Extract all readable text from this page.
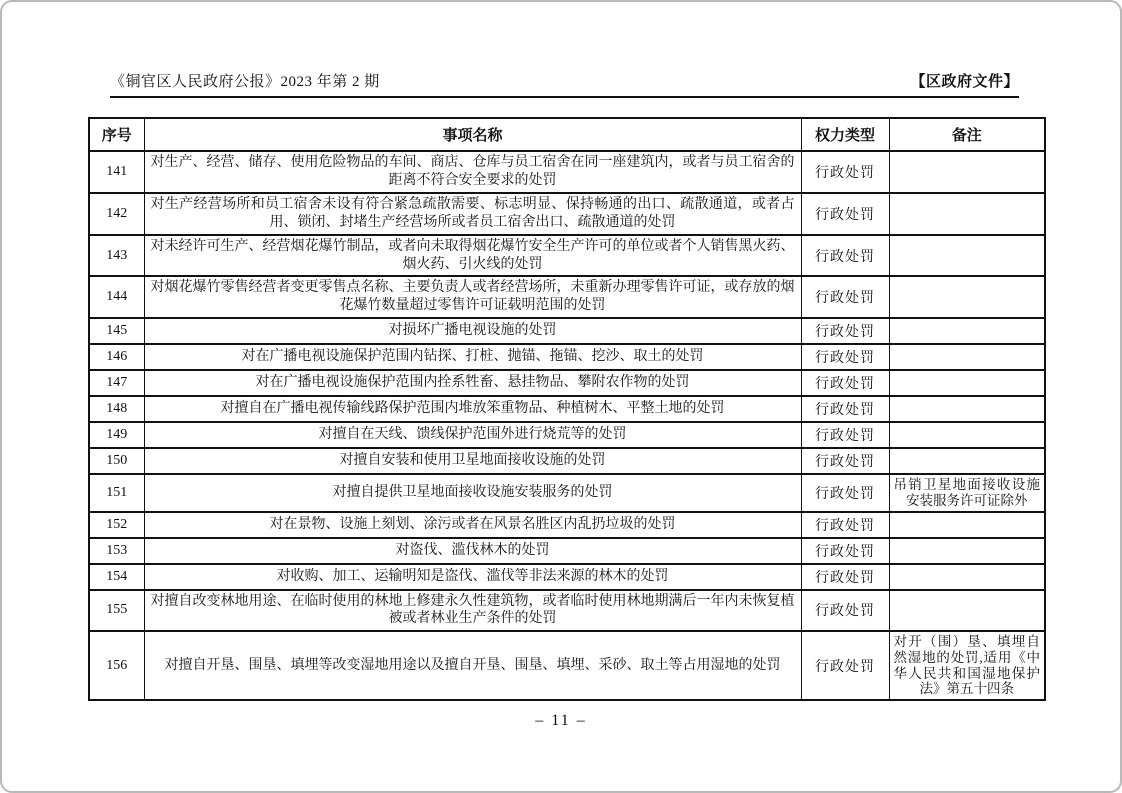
《铜官区人民政府公报》2023 年第 2 期	【区政府文件】
序号	事项名称	权力类型	备注
141	对生产、经营、储存、使用危险物品的车间、商店、仓库与员工宿舍在同一座建筑内，或者与员工宿舍的距离不符合安全要求的处罚	行政处罚	
142	对生产经营场所和员工宿舍未设有符合紧急疏散需要、标志明显、保持畅通的出口、疏散通道，或者占用、锁闭、封堵生产经营场所或者员工宿舍出口、疏散通道的处罚	行政处罚	
143	对未经许可生产、经营烟花爆竹制品，或者向未取得烟花爆竹安全生产许可的单位或者个人销售黑火药、烟火药、引火线的处罚	行政处罚	
144	对烟花爆竹零售经营者变更零售点名称、主要负责人或者经营场所，未重新办理零售许可证，或存放的烟花爆竹数量超过零售许可证载明范围的处罚	行政处罚	
145	对损坏广播电视设施的处罚	行政处罚	
146	对在广播电视设施保护范围内钻探、打桩、抛锚、拖锚、挖沙、取土的处罚	行政处罚	
147	对在广播电视设施保护范围内拴系牲畜、悬挂物品、攀附农作物的处罚	行政处罚	
148	对擅自在广播电视传输线路保护范围内堆放笨重物品、种植树木、平整土地的处罚	行政处罚	
149	对擅自在天线、馈线保护范围外进行烧荒等的处罚	行政处罚	
150	对擅自安装和使用卫星地面接收设施的处罚	行政处罚	
151	对擅自提供卫星地面接收设施安装服务的处罚	行政处罚	吊销卫星地面接收设施安装服务许可证除外
152	对在景物、设施上刻划、涂污或者在风景名胜区内乱扔垃圾的处罚	行政处罚	
153	对盗伐、滥伐林木的处罚	行政处罚	
154	对收购、加工、运输明知是盗伐、滥伐等非法来源的林木的处罚	行政处罚	
155	对擅自改变林地用途、在临时使用的林地上修建永久性建筑物，或者临时使用林地期满后一年内未恢复植被或者林业生产条件的处罚	行政处罚	
156	对擅自开垦、围垦、填埋等改变湿地用途以及擅自开垦、围垦、填埋、采砂、取土等占用湿地的处罚	行政处罚	对开（围）垦、填埋自然湿地的处罚,适用《中华人民共和国湿地保护法》第五十四条
– 11 –
